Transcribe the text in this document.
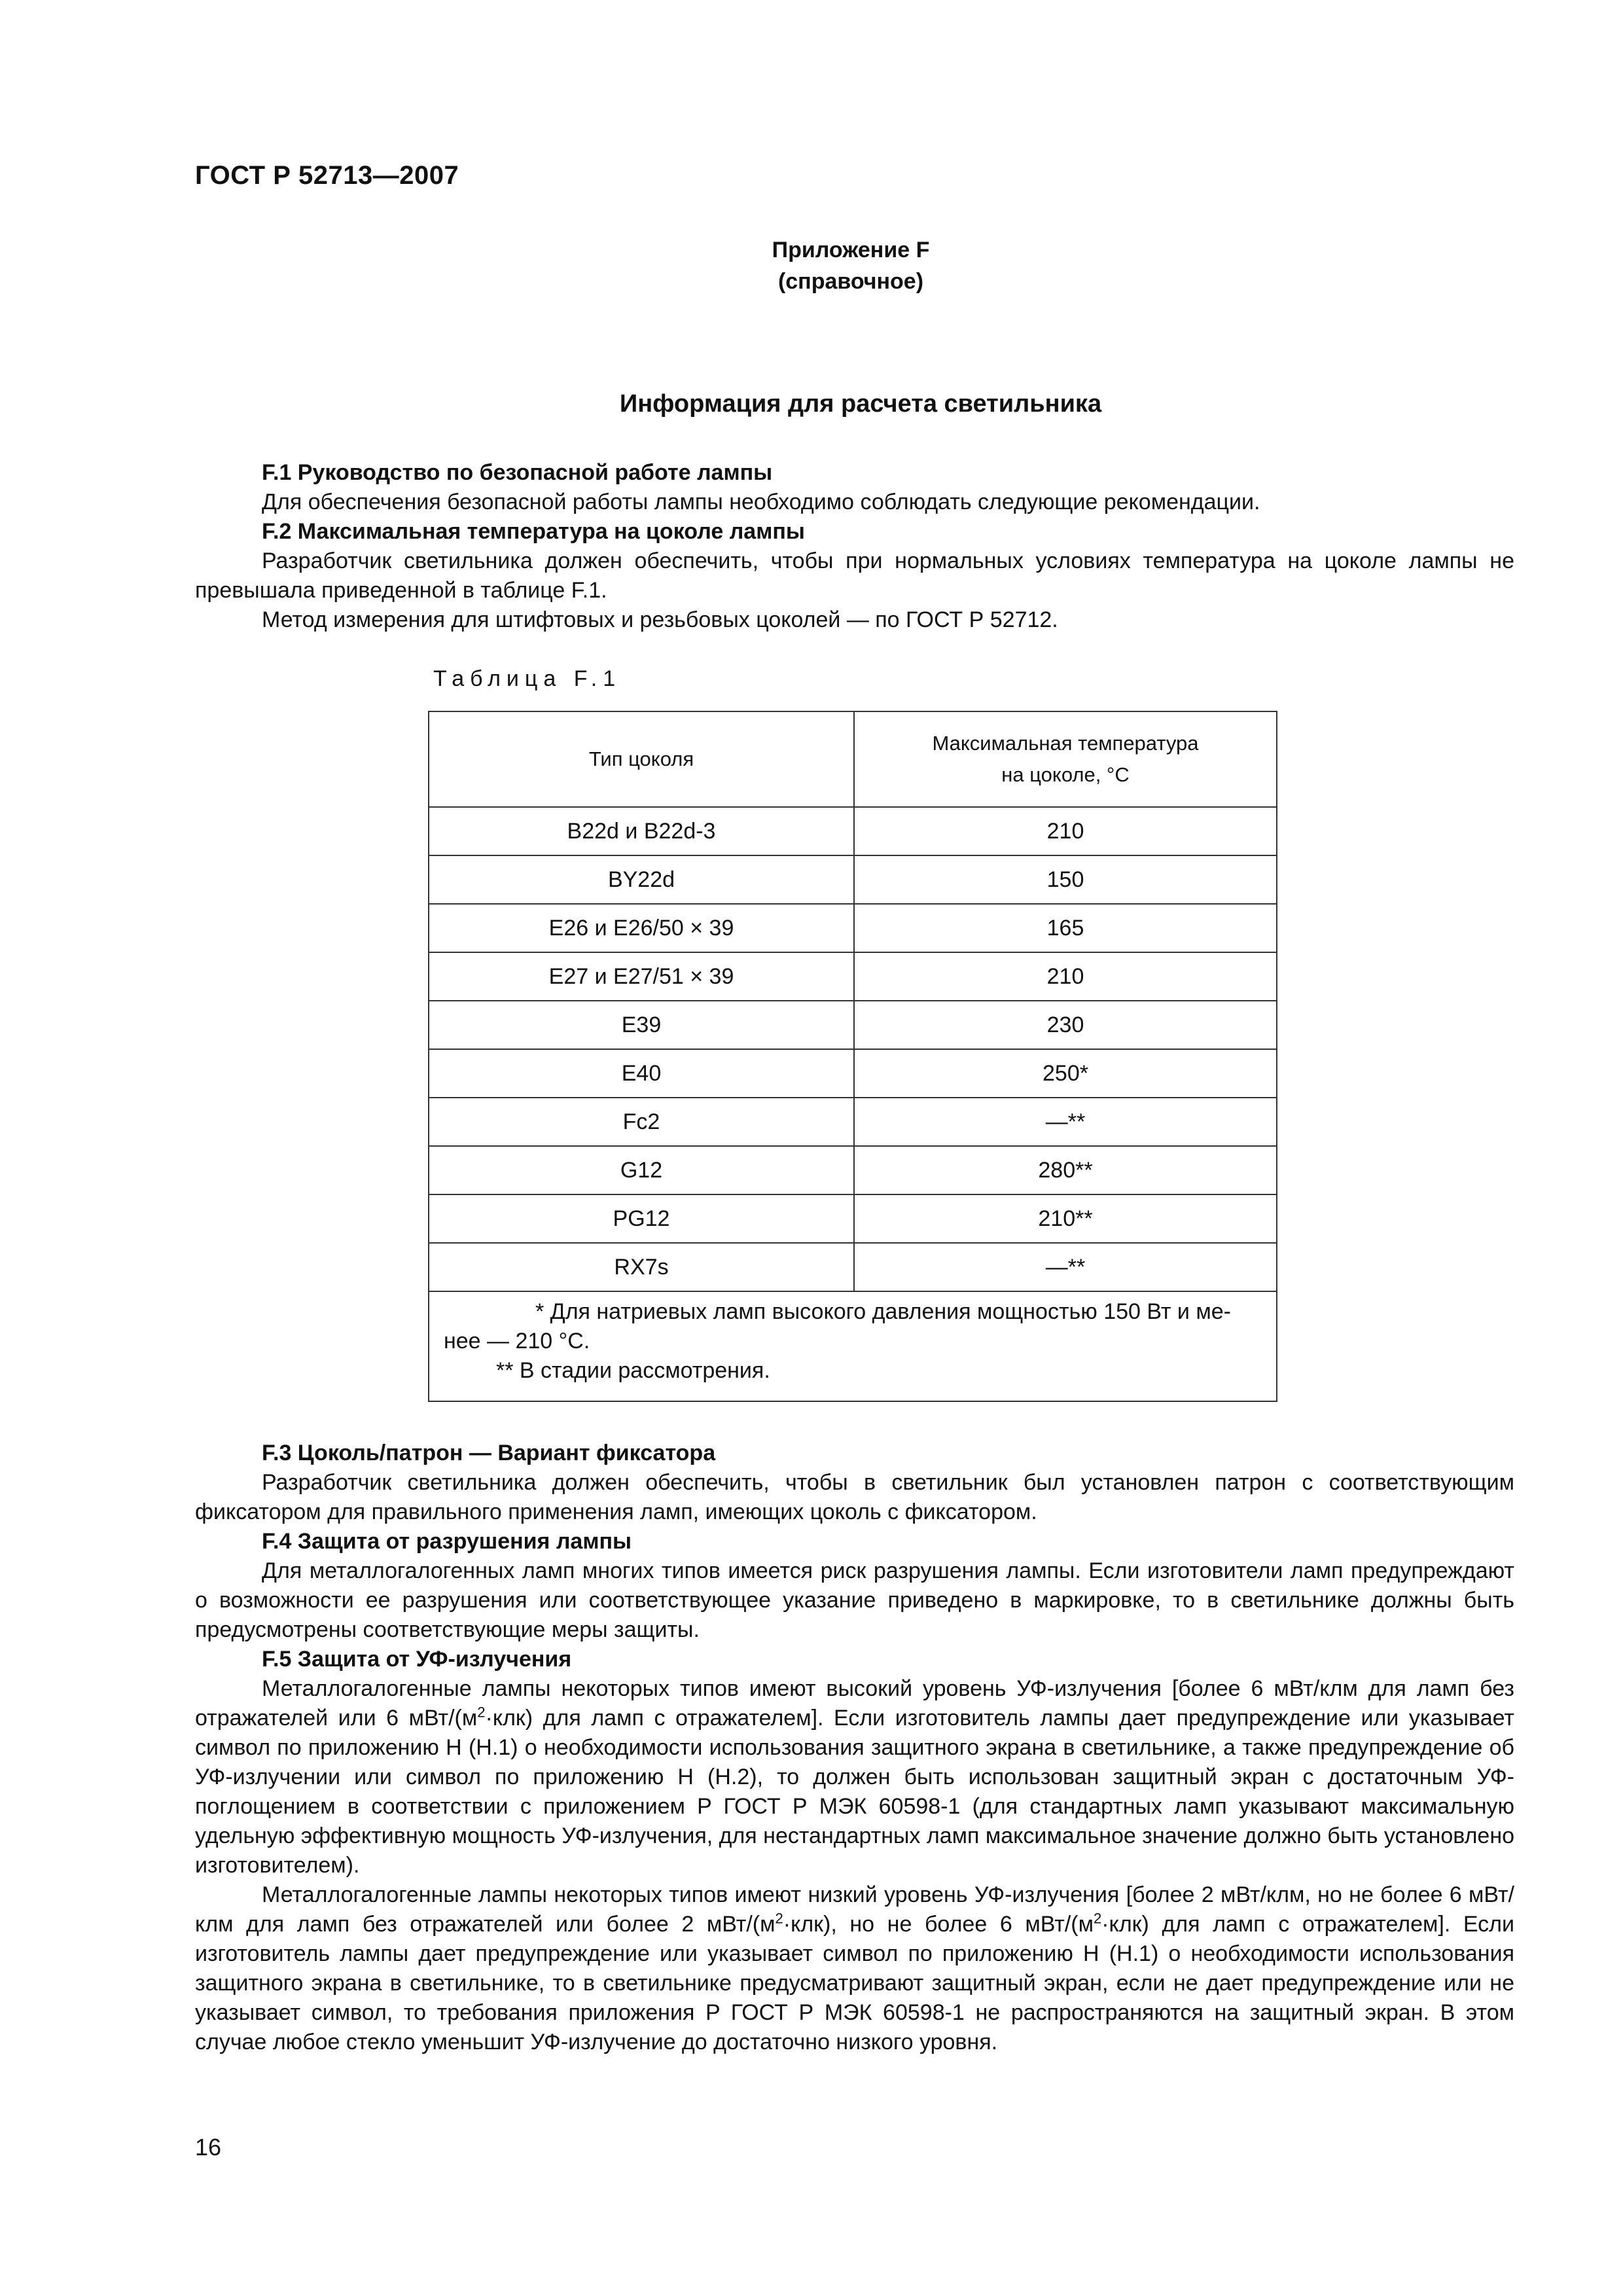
ГОСТ Р 52713—2007
Приложение F
(справочное)
Информация для расчета светильника

F.1 Руководство по безопасной работе лампы

Для обеспечения безопасной работы лампы необходимо соблюдать следующие рекомендации.

F.2 Максимальная температура на цоколе лампы

Разработчик светильника должен обеспечить, чтобы при нормальных условиях температура на цоколе лампы не превышала приведенной в таблице F.1.

Метод измерения для штифтовых и резьбовых цоколей — по ГОСТ Р 52712.

Таблица F.1
Тип цоколя	Максимальная температура
на цоколе, °C

B22d и B22d-3	210
BY22d	150
E26 и E26/50 × 39	165
E27 и E27/51 × 39	210
E39	230
E40	250*
Fc2	—**
G12	280**
PG12	210**
RX7s	—**

* Для натриевых ламп высокого давления мощностью 150 Вт и ме-
нее — 210 °C.
** В стадии рассмотрения.	

F.3 Цоколь/патрон — Вариант фиксатора

Разработчик светильника должен обеспечить, чтобы в светильник был установлен патрон с соответствующим фиксатором для правильного применения ламп, имеющих цоколь с фиксатором.

F.4 Защита от разрушения лампы

Для металлогалогенных ламп многих типов имеется риск разрушения лампы. Если изготовители ламп предупреждают о возможности ее разрушения или соответствующее указание приведено в маркировке, то в светильнике должны быть предусмотрены соответствующие меры защиты.

F.5 Защита от УФ-излучения

Металлогалогенные лампы некоторых типов имеют высокий уровень УФ-излучения [более 6 мВт/клм для ламп без отражателей или 6 мВт/$(м^2\cdot клк)$ для ламп с отражателем]. Если изготовитель лампы дает предупреждение или указывает символ по приложению H (H.1) о необходимости использования защитного экрана в светильнике, а также предупреждение об УФ-излучении или символ по приложению H (H.2), то должен быть использован защитный экран с достаточным УФ-поглощением в соответствии с приложением P ГОСТ Р МЭК 60598-1 (для стандартных ламп указывают максимальную удельную эффективную мощность УФ-излучения, для нестандартных ламп максимальное значение должно быть установлено изготовителем).

Металлогалогенные лампы некоторых типов имеют низкий уровень УФ-излучения [более 2 мВт/клм, но не более 6 мВт/клм для ламп без отражателей или более 2 мВт/$(м^2\cdot клк)$, но не более 6 мВт/$(м^2\cdot клк)$ для ламп с отражателем]. Если изготовитель лампы дает предупреждение или указывает символ по приложению H (H.1) о необходимости использования защитного экрана в светильнике, то в светильнике предусматривают защитный экран, если не дает предупреждение или не указывает символ, то требования приложения P ГОСТ Р МЭК 60598-1 не распространяются на защитный экран. В этом случае любое стекло уменьшит УФ-излучение до достаточно низкого уровня.

16
